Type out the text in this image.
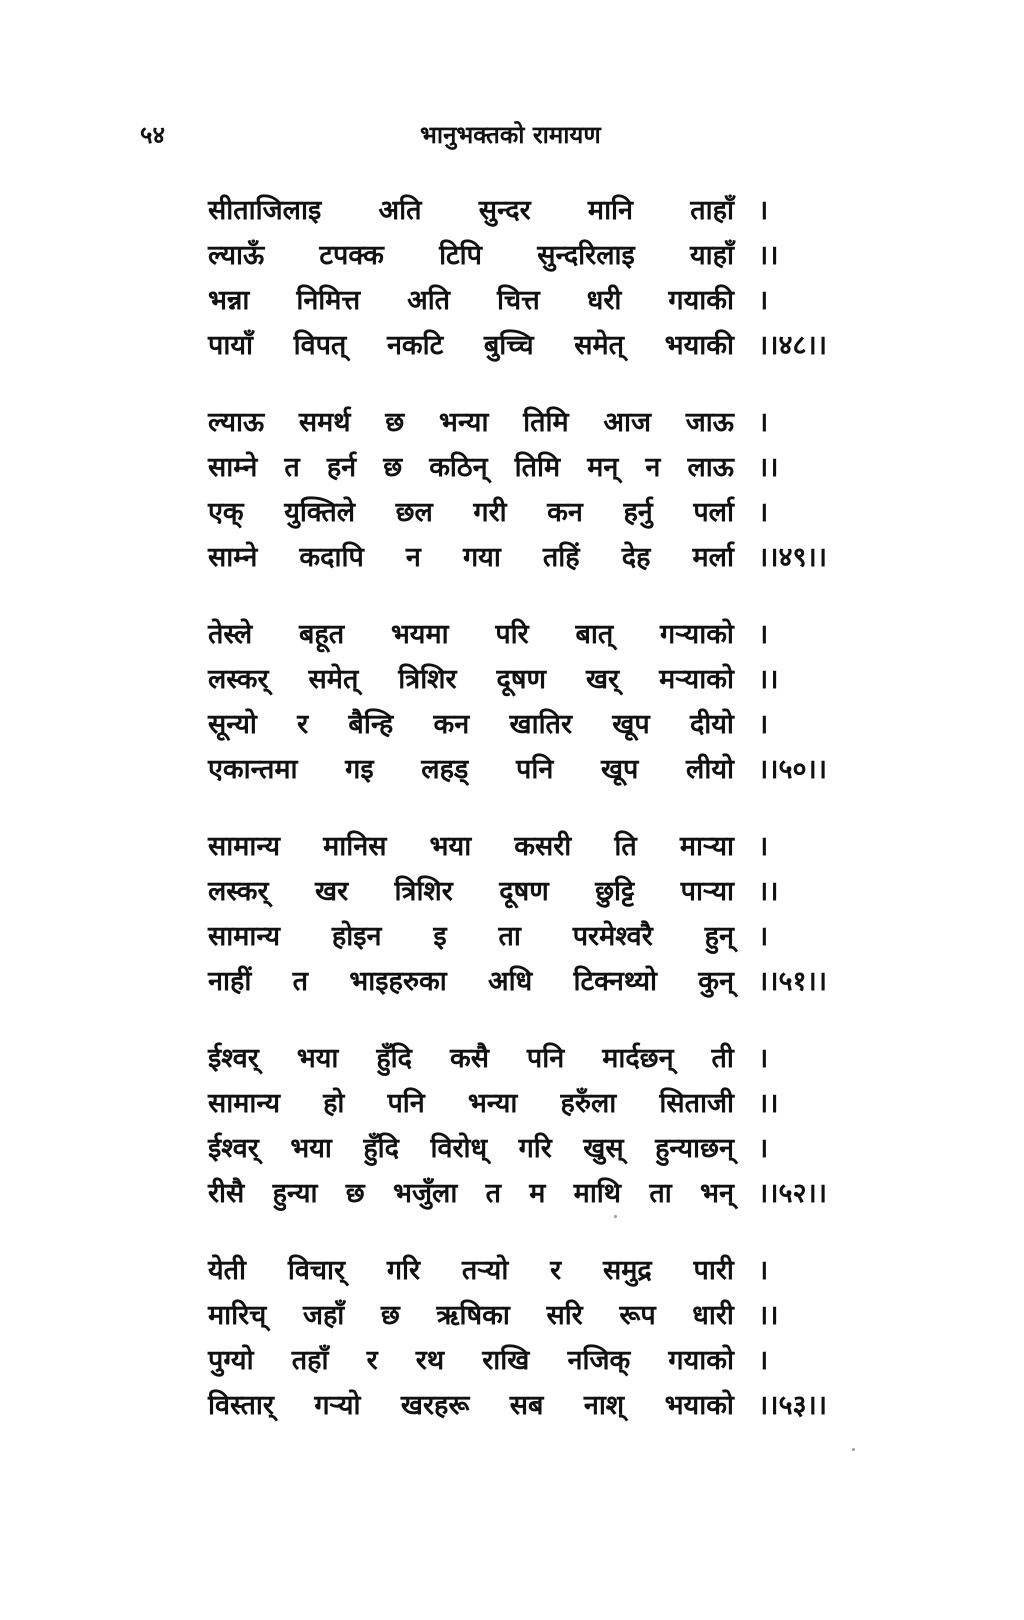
५४	भानुभक्तको रामायण
सीताजिलाइ अति सुन्दर मानि ताहाँ ।
ल्याऊँ टपक्क टिपि सुन्दरिलाइ याहाँ ।।
भन्ना निमित्त अति चित्त धरी गयाकी ।
पायाँ विपत् नकटि बुच्चि समेत् भयाकी ।।४८।।
ल्याऊ समर्थ छ भन्या तिमि आज जाऊ ।
साम्ने त हर्न छ कठिन् तिमि मन् न लाऊ ।।
एक् युक्तिले छल गरी कन हर्नु पर्ला ।
साम्ने कदापि न गया तहिं देह मर्ला ।।४९।।
तेस्ले बहूत भयमा परि बात् गऱ्याको ।
लस्कर् समेत् त्रिशिर दूषण खर् मऱ्याको ।।
सून्यो र बैन्हि कन खातिर खूप दीयो ।
एकान्तमा गइ लहड् पनि खूप लीयो ।।५०।।
सामान्य मानिस भया कसरी ति माऱ्या ।
लस्कर् खर त्रिशिर दूषण छुट्टि पाऱ्या ।।
सामान्य होइन इ ता परमेश्वरै हुन् ।
नाहीं त भाइहरुका अधि टिक्नथ्यो कुन् ।।५१।।
ईश्वर् भया हुँदि कसै पनि मार्दछन् ती ।
सामान्य हो पनि भन्या हरुँला सिताजी ।।
ईश्वर् भया हुँदि विरोध् गरि खुस् हुन्याछन् ।
रीसै हुन्या छ भजुँला त म माथि ता भन् ।।५२।।
येती विचार् गरि तऱ्यो र समुद्र पारी ।
मारिच् जहाँ छ ऋषिका सरि रूप धारी ।।
पुग्यो तहाँ र रथ राखि नजिक् गयाको ।
विस्तार् गऱ्यो खरहरू सब नाश् भयाको ।।५३।।
